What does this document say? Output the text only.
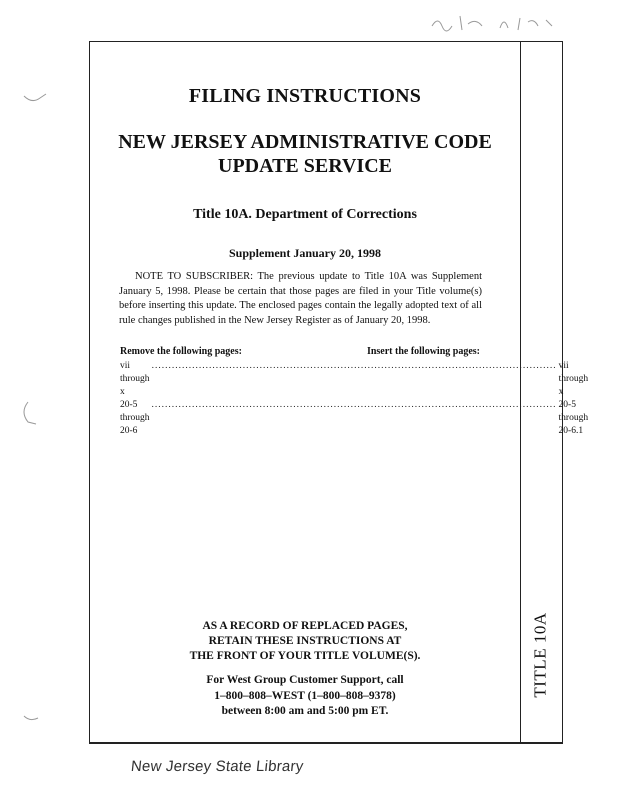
FILING INSTRUCTIONS
NEW JERSEY ADMINISTRATIVE CODE
UPDATE SERVICE
Title 10A. Department of Corrections
Supplement January 20, 1998
NOTE TO SUBSCRIBER: The previous update to Title 10A was Supplement January 5, 1998. Please be certain that those pages are filed in your Title volume(s) before inserting this update. The enclosed pages contain the legally adopted text of all rule changes published in the New Jersey Register as of January 20, 1998.
Remove the following pages:	Insert the following pages:
vii through x
........................................................................................................................ vii through x
20-5 through 20-6
........................................................................................................................ 20-5 through 20-6.1
AS A RECORD OF REPLACED PAGES,
RETAIN THESE INSTRUCTIONS AT
THE FRONT OF YOUR TITLE VOLUME(S).
For West Group Customer Support, call
1–800–808–WEST (1–800–808–9378)
between 8:00 am and 5:00 pm ET.
TITLE 10A
New Jersey State Library
